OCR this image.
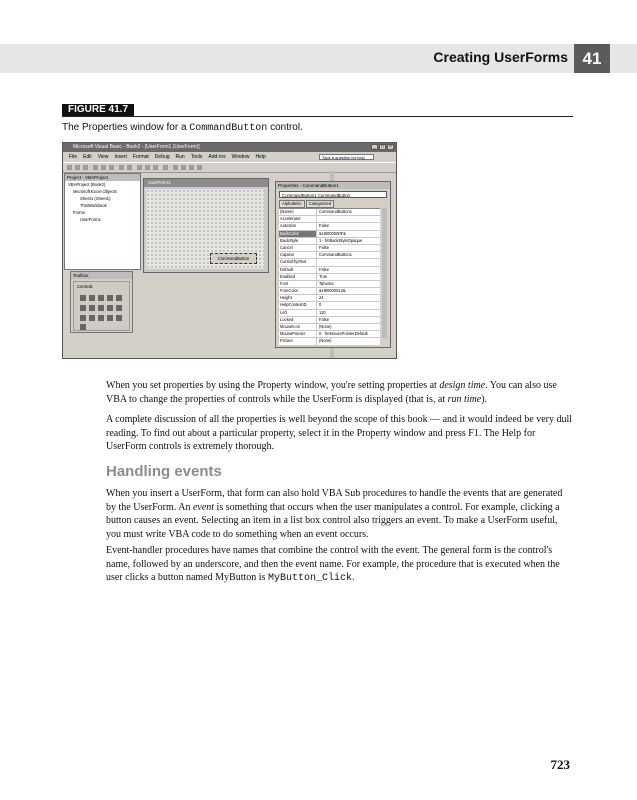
Creating UserForms 41
FIGURE 41.7
The Properties window for a CommandButton control.
Microsoft Visual Basic - Book2 - [UserForm1 (UserForm)]	_	□	×
File Edit View Insert Format Debug Run Tools Add-Ins Window Help	Type a question for help
Project - VBAProject
VBAProject (Book2)
Microsoft Excel Objects
Sheet1 (Sheet1)
ThisWorkbook
Forms
UserForm1
Toolbox
Controls
UserForm1
CommandButton
Properties - CommandButton1
CommandButton1 CommandButton
Alphabetic	Categorized
(Name)	CommandButton1
Accelerator
AutoSize	False
BackColor	&H8000000F&
BackStyle	1 - fmBackStyleOpaque
Cancel	False
Caption	CommandButton1
ControlTipText
Default	False
Enabled	True
Font	Tahoma
ForeColor	&H80000012&
Height	24
HelpContextID	0
Left	120
Locked	False
MouseIcon	(None)
MousePointer	0 - fmMousePointerDefault
Picture	(None)

When you set properties by using the Property window, you're setting properties at design time. You can also use VBA to change the properties of controls while the UserForm is displayed (that is, at run time).

A complete discussion of all the properties is well beyond the scope of this book — and it would indeed be very dull reading. To find out about a particular property, select it in the Property window and press F1. The Help for UserForm controls is extremely thorough.

Handling events

When you insert a UserForm, that form can also hold VBA Sub procedures to handle the events that are generated by the UserForm. An event is something that occurs when the user manipulates a control. For example, clicking a button causes an event. Selecting an item in a list box control also triggers an event. To make a UserForm useful, you must write VBA code to do something when an event occurs.

Event-handler procedures have names that combine the control with the event. The general form is the control's name, followed by an underscore, and then the event name. For example, the procedure that is executed when the user clicks a button named MyButton is MyButton_Click.

723
